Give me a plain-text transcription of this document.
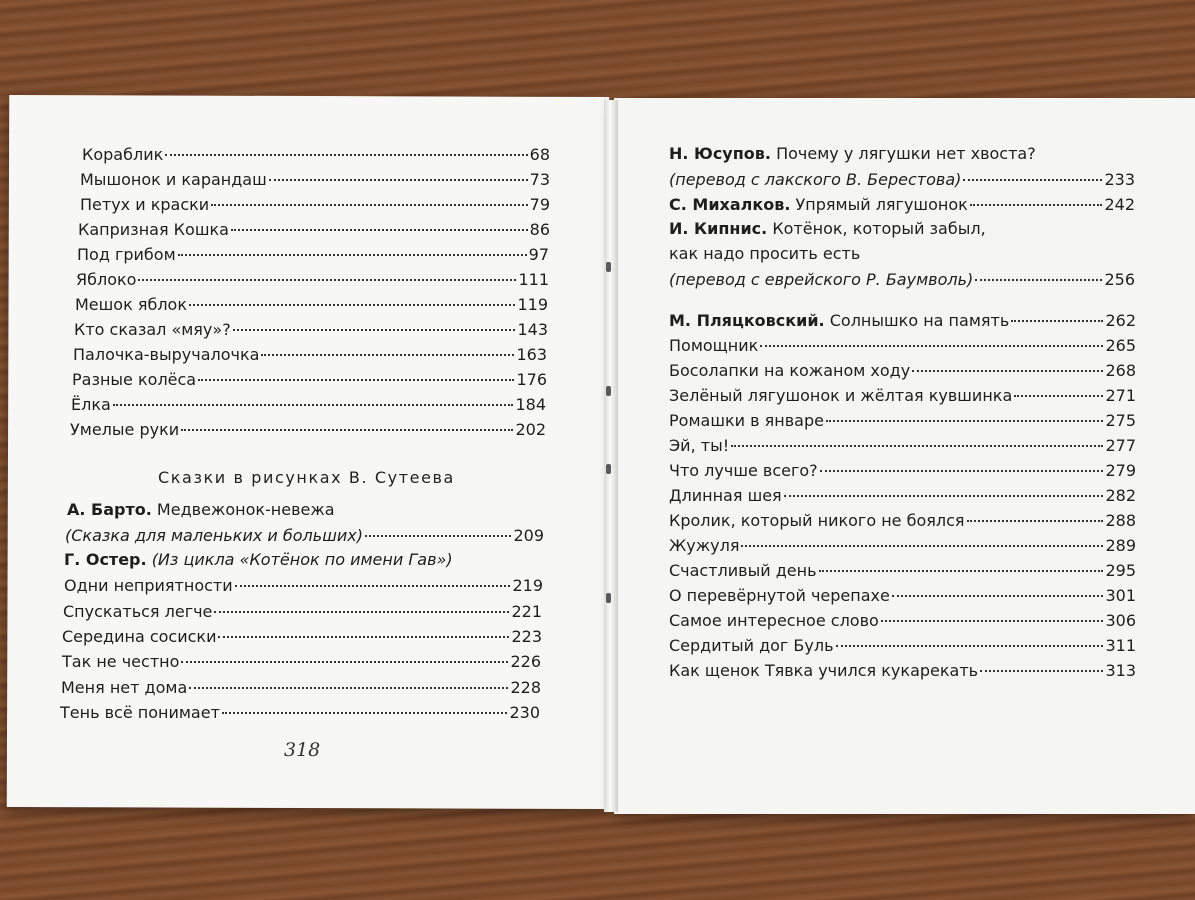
Кораблик	68
Мышонок и карандаш	73
Петух и краски	79
Капризная Кошка	86
Под грибом	97
Яблоко	111
Мешок яблок	119
Кто сказал «мяу»?	143
Палочка-выручалочка	163
Разные колёса	176
Ёлка	184
Умелые руки	202
Сказки в рисунках В. Сутеева
А. Барто. Медвежонок-невежа
(Сказка для маленьких и больших)	209
Г. Остер. (Из цикла «Котёнок по имени Гав»)
Одни неприятности	219
Спускаться легче	221
Середина сосиски	223
Так не честно	226
Меня нет дома	228
Тень всё понимает	230
318
Н. Юсупов. Почему у лягушки нет хвоста?
(перевод с лакского В. Берестова)	233
С. Михалков. Упрямый лягушонок	242
И. Кипнис. Котёнок, который забыл,
как надо просить есть
(перевод с еврейского Р. Баумволь)	256
М. Пляцковский. Солнышко на память	262
Помощник	265
Босолапки на кожаном ходу	268
Зелёный лягушонок и жёлтая кувшинка	271
Ромашки в январе	275
Эй, ты!	277
Что лучше всего?	279
Длинная шея	282
Кролик, который никого не боялся	288
Жужуля	289
Счастливый день	295
О перевёрнутой черепахе	301
Самое интересное слово	306
Сердитый дог Буль	311
Как щенок Тявка учился кукарекать	313
